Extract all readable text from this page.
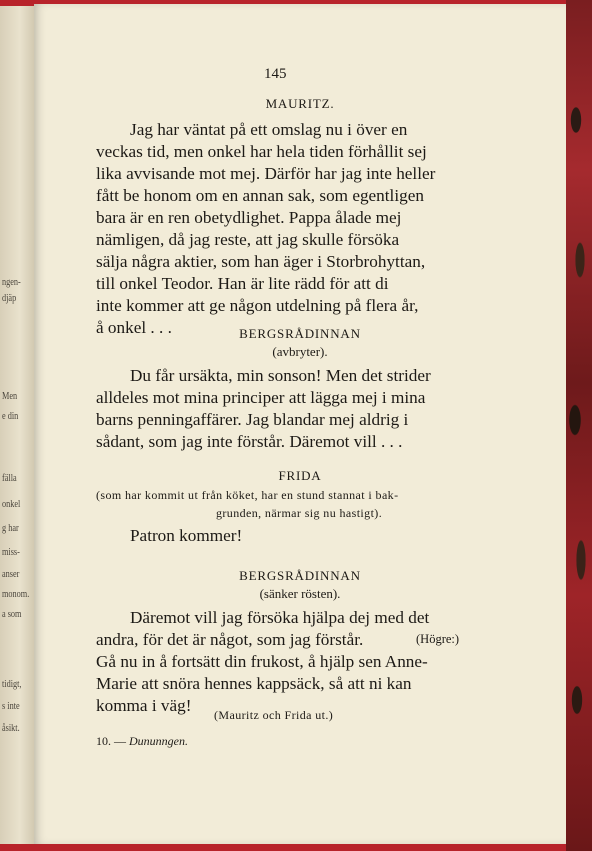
ngen-
djäp
Men
e din
fälla
onkel
g har
miss-
anser
monom.
a som
tidigt,
s inte
åsikt.
145
MAURITZ.
Jag har väntat på ett omslag nu i över en
veckas tid, men onkel har hela tiden förhållit sej
lika avvisande mot mej. Därför har jag inte heller
fått be honom om en annan sak, som egentligen
bara är en ren obetydlighet. Pappa ålade mej
nämligen, då jag reste, att jag skulle försöka
sälja några aktier, som han äger i Storbrohyttan,
till onkel Teodor. Han är lite rädd för att di
inte kommer att ge någon utdelning på flera år,
å onkel . . .	BERGSRÅDINNAN
(avbryter).
Du får ursäkta, min sonson! Men det strider
alldeles mot mina principer att lägga mej i mina
barns penningaffärer. Jag blandar mej aldrig i
sådant, som jag inte förstår. Däremot vill . . .
FRIDA
(som har kommit ut från köket, har en stund stannat i bak-
grunden, närmar sig nu hastigt).
Patron kommer!
BERGSRÅDINNAN
(sänker rösten).
Däremot vill jag försöka hjälpa dej med det
andra, för det är något, som jag förstår.	(Högre:)
Gå nu in å fortsätt din frukost, å hjälp sen Anne-
Marie att snöra hennes kappsäck, så att ni kan
komma i väg! (Mauritz och Frida ut.)
10. — Dununngen.
